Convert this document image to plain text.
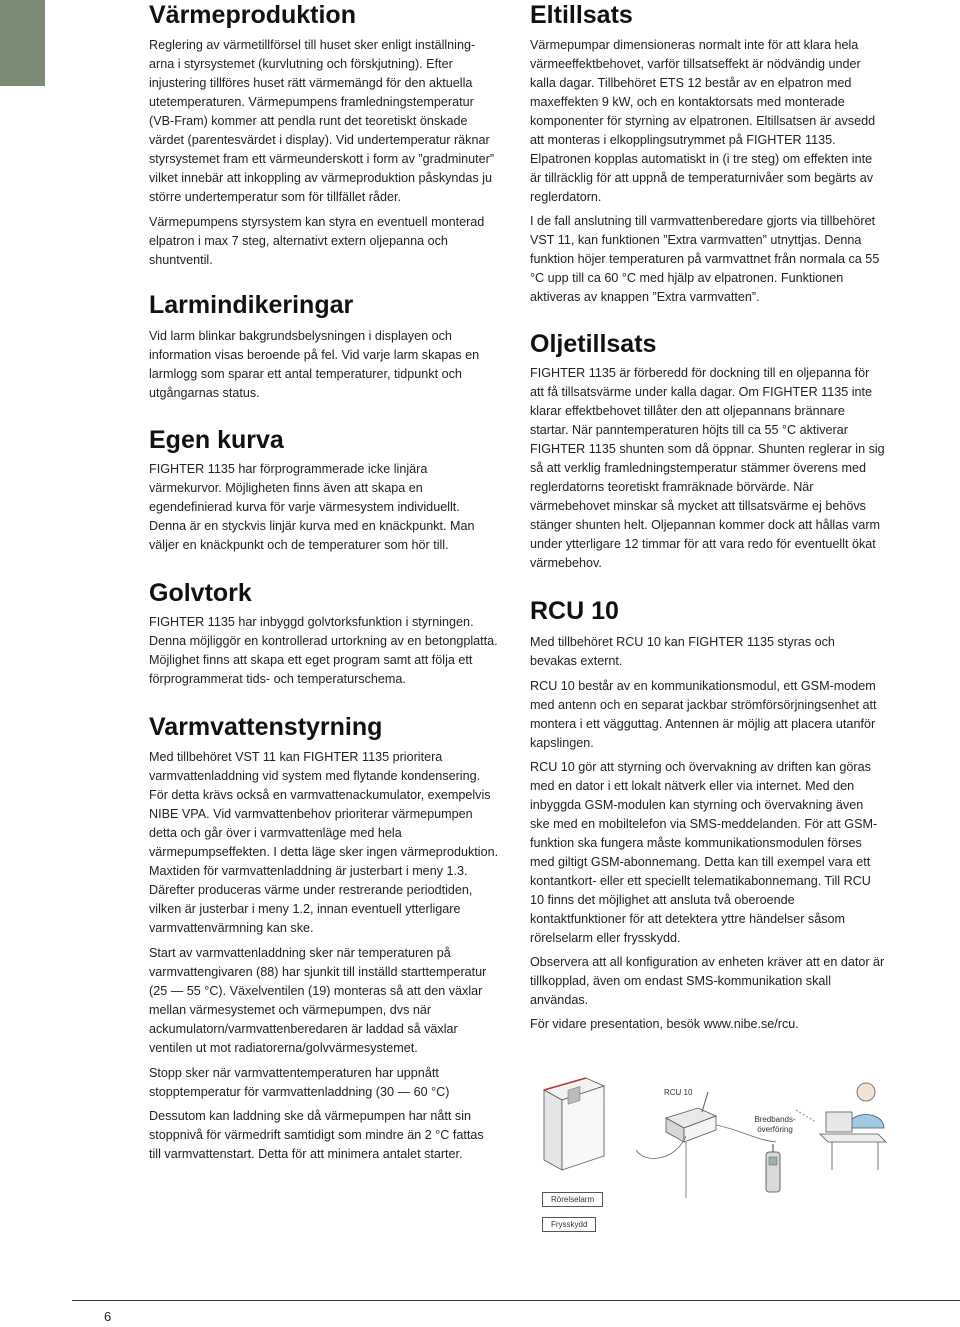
Värmeproduktion

Reglering av värmetillförsel till huset sker enligt inställning-arna i styrsystemet (kurvlutning och förskjutning). Efter injustering tillföres huset rätt värmemängd för den aktuella utetemperaturen. Värmepumpens framledningstemperatur (VB-Fram) kommer att pendla runt det teoretiskt önskade värdet (parentesvärdet i display). Vid undertemperatur räknar styrsystemet fram ett värmeunderskott i form av ”gradminuter” vilket innebär att inkoppling av värmeproduktion påskyndas ju större undertemperatur som för tillfället råder.

Värmepumpens styrsystem kan styra en eventuell monterad elpatron i max 7 steg, alternativt extern oljepanna och shuntventil.

Larmindikeringar

Vid larm blinkar bakgrundsbelysningen i displayen och information visas beroende på fel. Vid varje larm skapas en larmlogg som sparar ett antal temperaturer, tidpunkt och utgångarnas status.

Egen kurva

FIGHTER 1135 har förprogrammerade icke linjära värmekurvor. Möjligheten finns även att skapa en egendefinierad kurva för varje värmesystem individuellt. Denna är en styckvis linjär kurva med en knäckpunkt. Man väljer en knäckpunkt och de temperaturer som hör till.

Golvtork

FIGHTER 1135 har inbyggd golvtorksfunktion i styrningen. Denna möjliggör en kontrollerad urtorkning av en betongplatta. Möjlighet finns att skapa ett eget program samt att följa ett förprogrammerat tids- och temperaturschema.

Varmvattenstyrning

Med tillbehöret VST 11 kan FIGHTER 1135 prioritera varmvattenladdning vid system med flytande kondensering. För detta krävs också en varmvattenackumulator, exempelvis NIBE VPA. Vid varmvattenbehov prioriterar värmepumpen detta och går över i varmvattenläge med hela värmepumpseffekten. I detta läge sker ingen värmeproduktion. Maxtiden för varmvattenladdning är justerbart i meny 1.3. Därefter produceras värme under restrerande periodtiden, vilken är justerbar i meny 1.2, innan eventuell ytterligare varmvattenvärmning kan ske.

Start av varmvattenladdning sker när temperaturen på varmvattengivaren (88) har sjunkit till inställd starttemperatur (25 — 55 °C). Växelventilen (19) monteras så att den växlar mellan värmesystemet och värmepumpen, dvs när ackumulatorn/varmvattenberedaren är laddad så växlar ventilen ut mot radiatorerna/golvvärmesystemet.

Stopp sker när varmvattentemperaturen har uppnått stopptemperatur för varmvattenladdning (30 — 60 °C)

Dessutom kan laddning ske då värmepumpen har nått sin stoppnivå för värmedrift samtidigt som mindre än 2 °C fattas till varmvattenstart. Detta för att minimera antalet starter.

Eltillsats

Värmepumpar dimensioneras normalt inte för att klara hela värmeeffektbehovet, varför tillsatseffekt är nödvändig under kalla dagar. Tillbehöret ETS 12 består av en elpatron med maxeffekten 9 kW, och en kontaktorsats med monterade komponenter för styrning av elpatronen. Eltillsatsen är avsedd att monteras i elkopplingsutrymmet på FIGHTER 1135. Elpatronen kopplas automatiskt in (i tre steg) om effekten inte är tillräcklig för att uppnå de temperaturnivåer som begärts av reglerdatorn.

I de fall anslutning till varmvattenberedare gjorts via tillbehöret VST 11, kan funktionen ”Extra varmvatten” utnyttjas. Denna funktion höjer temperaturen på varmvattnet från normala ca 55 °C upp till ca 60 °C med hjälp av elpatronen. Funktionen aktiveras av knappen ”Extra varmvatten”.

Oljetillsats

FIGHTER 1135 är förberedd för dockning till en oljepanna för att få tillsatsvärme under kalla dagar. Om FIGHTER 1135 inte klarar effektbehovet tillåter den att oljepannans brännare startar. När panntemperaturen höjts till ca 55 °C aktiverar FIGHTER 1135 shunten som då öppnar. Shunten reglerar in sig så att verklig framledningstemperatur stämmer överens med reglerdatorns teoretiskt framräknade börvärde. När värmebehovet minskar så mycket att tillsatsvärme ej behövs stänger shunten helt. Oljepannan kommer dock att hållas varm under ytterligare 12 timmar för att vara redo för eventuellt ökat värmebehov.

RCU 10

Med tillbehöret RCU 10 kan FIGHTER 1135 styras och bevakas externt.

RCU 10 består av en kommunikationsmodul, ett GSM-modem med antenn och en separat jackbar strömförsörjningsenhet att montera i ett vägguttag. Antennen är möjlig att placera utanför kapslingen.

RCU 10 gör att styrning och övervakning av driften kan göras med en dator i ett lokalt nätverk eller via internet. Med den inbyggda GSM-modulen kan styrning och övervakning även ske med en mobiltelefon via SMS-meddelanden. För att GSM-funktion ska fungera måste kommunikationsmodulen förses med giltigt GSM-abonnemang. Detta kan till exempel vara ett kontantkort- eller ett speciellt telematikabonnemang. Till RCU 10 finns det möjlighet att ansluta två oberoende kontaktfunktioner för att detektera yttre händelser såsom rörelselarm eller frysskydd.

Observera att all konfiguration av enheten kräver att en dator är tillkopplad, även om endast SMS-kommunikation skall användas.

För vidare presentation, besök www.nibe.se/rcu.

RCU 10
Bredbands-överföring
Rörelselarm
Frysskydd
6
